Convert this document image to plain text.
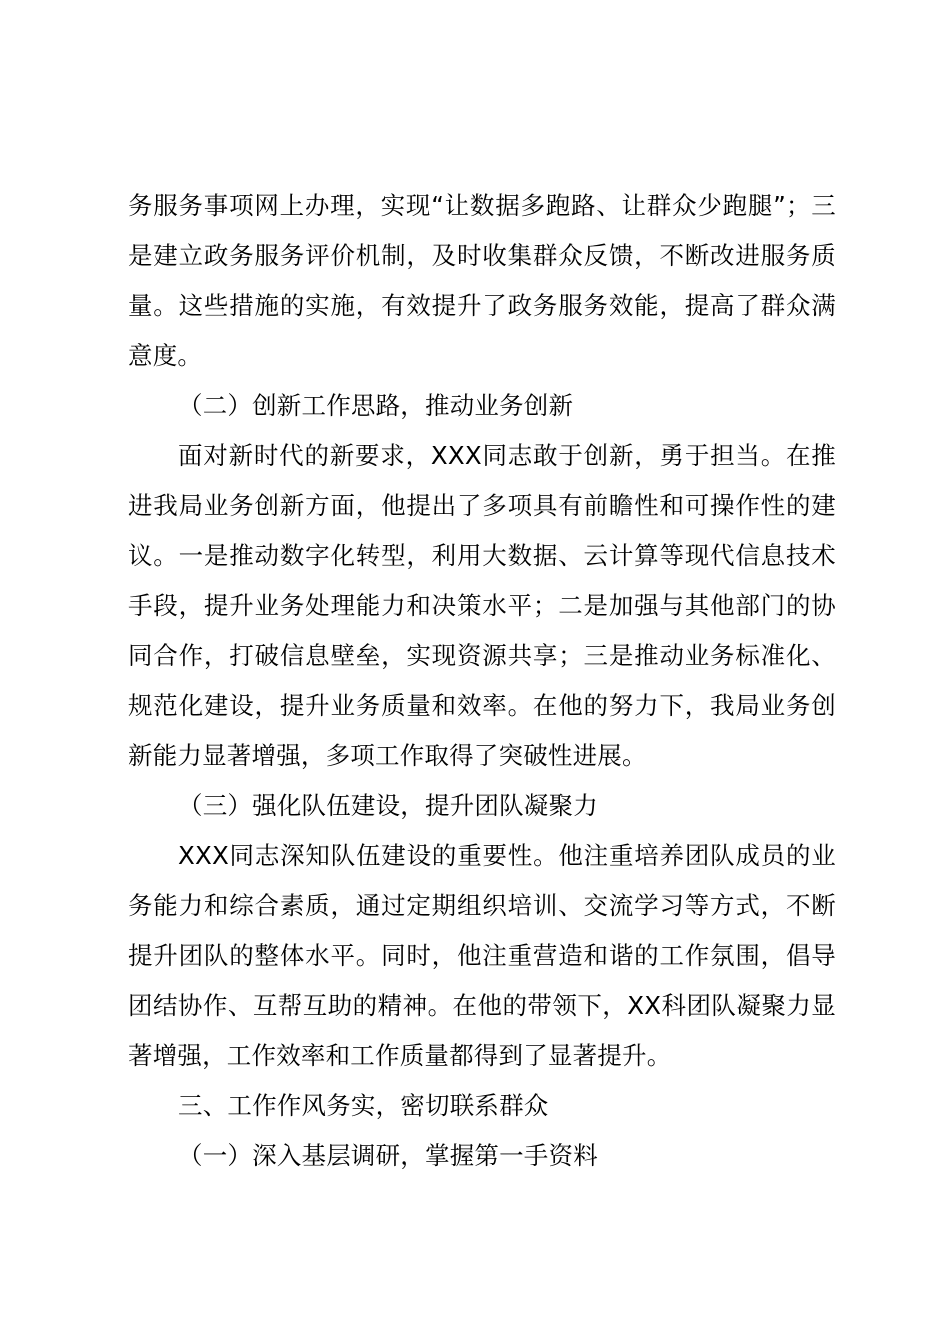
务服务事项网上办理，实现“让数据多跑路、让群众少跑腿”；三是建立政务服务评价机制，及时收集群众反馈，不断改进服务质量。这些措施的实施，有效提升了政务服务效能，提高了群众满意度。

（二）创新工作思路，推动业务创新

面对新时代的新要求，XXX同志敢于创新，勇于担当。在推进我局业务创新方面，他提出了多项具有前瞻性和可操作性的建议。一是推动数字化转型，利用大数据、云计算等现代信息技术手段，提升业务处理能力和决策水平；二是加强与其他部门的协同合作，打破信息壁垒，实现资源共享；三是推动业务标准化、规范化建设，提升业务质量和效率。在他的努力下，我局业务创新能力显著增强，多项工作取得了突破性进展。

（三）强化队伍建设，提升团队凝聚力

XXX同志深知队伍建设的重要性。他注重培养团队成员的业务能力和综合素质，通过定期组织培训、交流学习等方式，不断提升团队的整体水平。同时，他注重营造和谐的工作氛围，倡导团结协作、互帮互助的精神。在他的带领下，XX科团队凝聚力显著增强，工作效率和工作质量都得到了显著提升。

三、工作作风务实，密切联系群众

（一）深入基层调研，掌握第一手资料
